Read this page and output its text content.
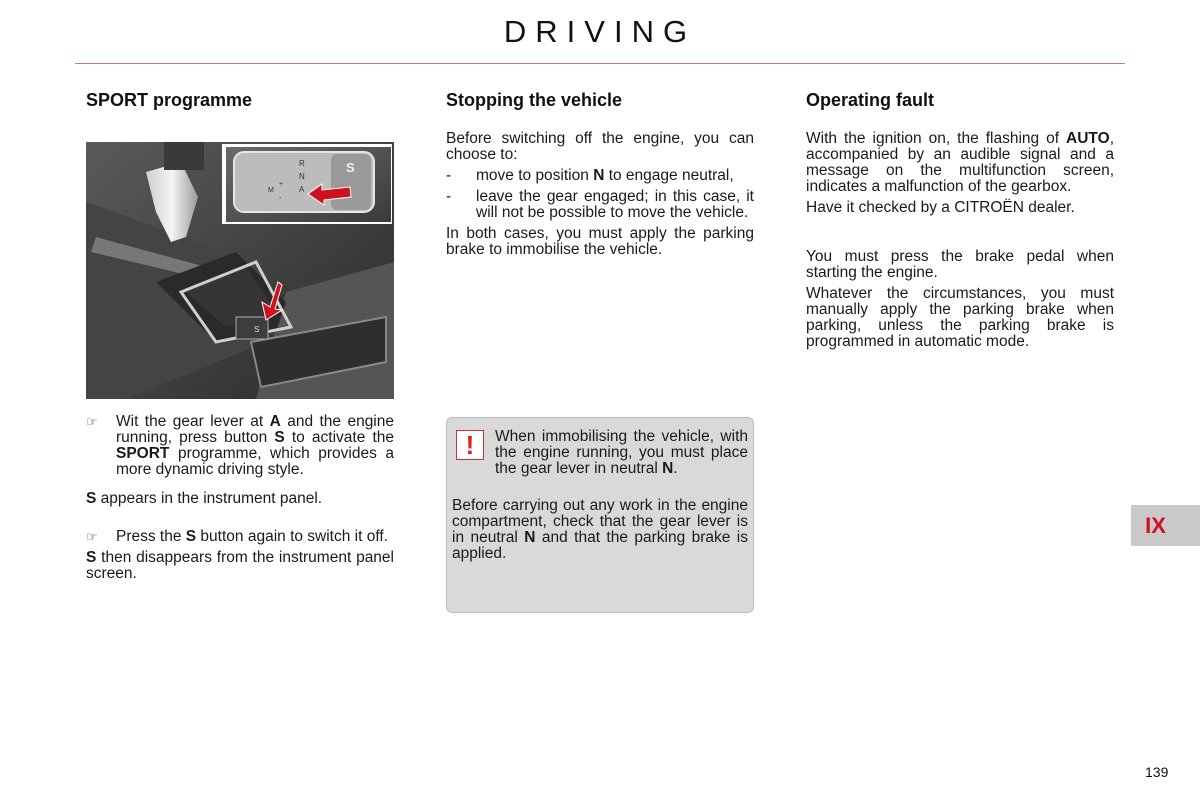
DRIVING
SPORT programme
S
R
N
A
M
+
-
S
☞	Wit the gear lever at A and the engine running, press button S to activate the SPORT programme, which provides a more dynamic driving style.

S appears in the instrument panel.

☞	Press the S button again to switch it off.

S then disappears from the instrument panel screen.

Stopping the vehicle

Before switching off the engine, you can choose to:

-	move to position N to engage neutral,
-	leave the gear engaged; in this case, it will not be possible to move the vehicle.

In both cases, you must apply the parking brake to immobilise the vehicle.

! When immobilising the vehicle, with the engine running, you must place the gear lever in neutral N.
Before carrying out any work in the engine compartment, check that the gear lever is in neutral N and that the parking brake is applied.
Operating fault

With the ignition on, the flashing of AUTO, accompanied by an audible signal and a message on the multifunction screen, indicates a malfunction of the gearbox.

Have it checked by a CITROËN dealer.

You must press the brake pedal when starting the engine.

Whatever the circumstances, you must manually apply the parking brake when parking, unless the parking brake is programmed in automatic mode.

IX
139
